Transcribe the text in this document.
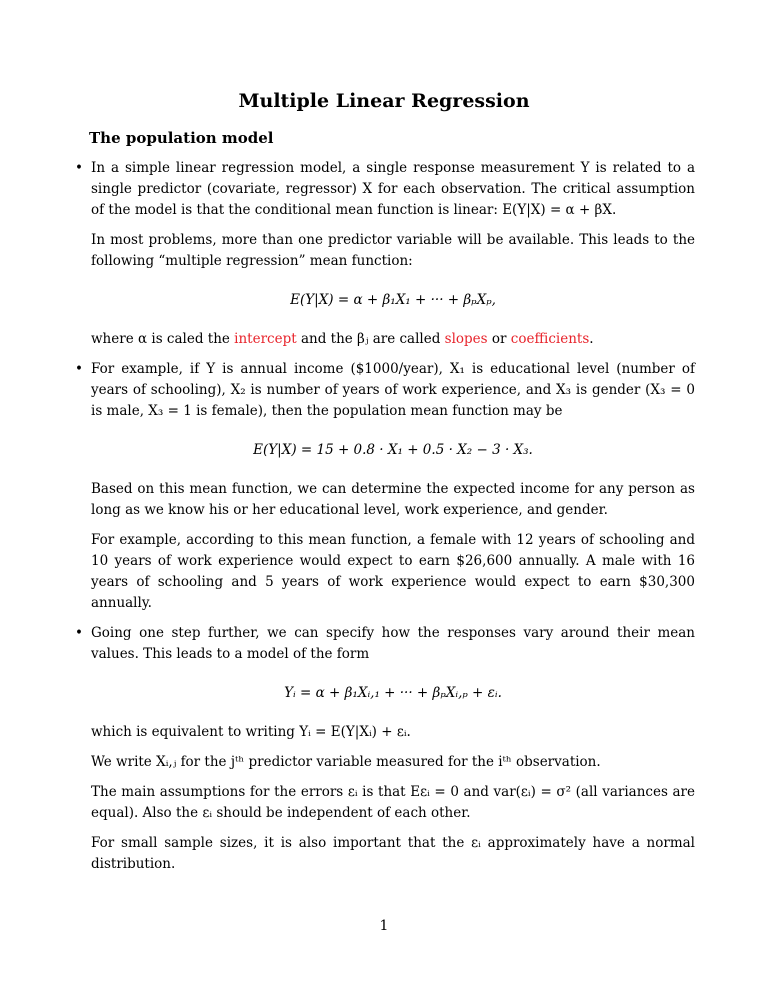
Multiple Linear Regression
The population model
• In a simple linear regression model, a single response measurement Y is related to a single predictor (covariate, regressor) X for each observation. The critical assumption of the model is that the conditional mean function is linear: E(Y|X) = α + βX.

In most problems, more than one predictor variable will be available. This leads to the following “multiple regression” mean function:

E(Y|X) = α + β₁X₁ + ··· + βₚXₚ,

where α is caled the intercept and the βⱼ are called slopes or coefficients.

• For example, if Y is annual income ($1000/year), X₁ is educational level (number of years of schooling), X₂ is number of years of work experience, and X₃ is gender (X₃ = 0 is male, X₃ = 1 is female), then the population mean function may be

E(Y|X) = 15 + 0.8 · X₁ + 0.5 · X₂ − 3 · X₃.

Based on this mean function, we can determine the expected income for any person as long as we know his or her educational level, work experience, and gender.

For example, according to this mean function, a female with 12 years of schooling and 10 years of work experience would expect to earn $26,600 annually. A male with 16 years of schooling and 5 years of work experience would expect to earn $30,300 annually.

• Going one step further, we can specify how the responses vary around their mean values. This leads to a model of the form

Yᵢ = α + β₁Xᵢ,₁ + ··· + βₚXᵢ,ₚ + εᵢ.

which is equivalent to writing Yᵢ = E(Y|Xᵢ) + εᵢ.

We write Xᵢ,ⱼ for the jᵗʰ predictor variable measured for the iᵗʰ observation.

The main assumptions for the errors εᵢ is that Eεᵢ = 0 and var(εᵢ) = σ² (all variances are equal). Also the εᵢ should be independent of each other.

For small sample sizes, it is also important that the εᵢ approximately have a normal distribution.

1
